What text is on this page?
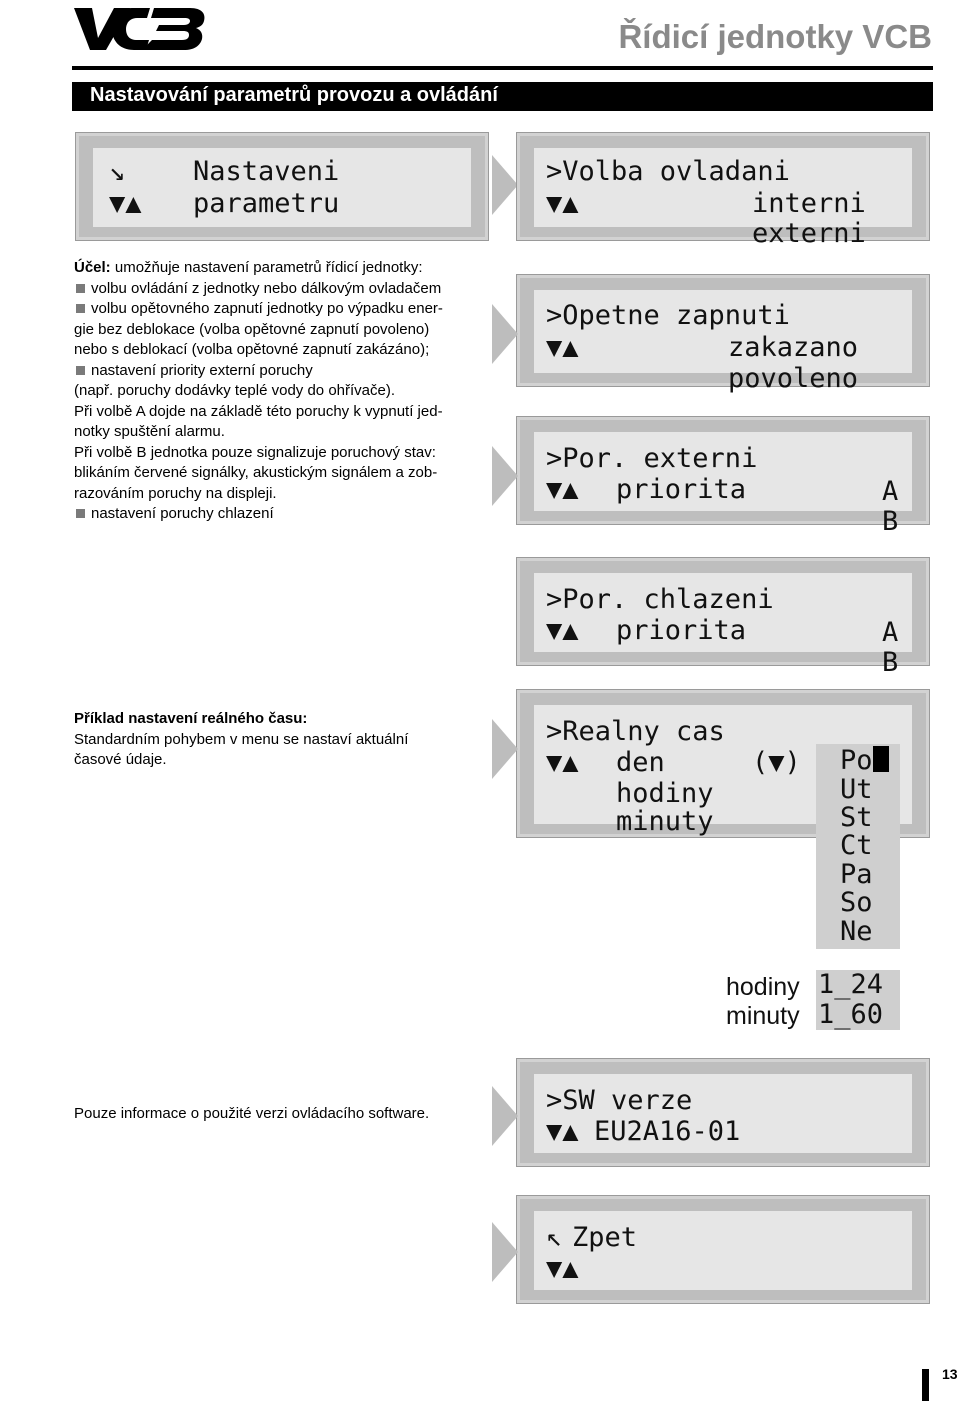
Řídicí jednotky VCB
Nastavování parametrů provozu a ovládání
Účel: umožňuje nastavení parametrů řídicí jednotky:
volbu ovládání z jednotky nebo dálkovým ovladačem
volbu opětovného zapnutí jednotky po výpadku ener-
gie bez deblokace (volba opětovné zapnutí povoleno)
nebo s deblokací (volba opětovné zapnutí zakázáno);
nastavení priority externí poruchy
(např. poruchy dodávky teplé vody do ohřívače).
Při volbě A dojde na základě této poruchy k vypnutí jed-
notky spuštění alarmu.
Při volbě B jednotka pouze signalizuje poruchový stav:
blikáním červené signálky, akustickým signálem a zob-
razováním poruchy na displeji.
nastavení poruchy chlazení
Příklad nastavení reálného času:
Standardním pohybem v menu se nastaví aktuální
časové údaje.
Pouze informace o použité verzi ovládacího software.
↘	Nastaveni
▼▲ parametru
>Volba ovladani
▼▲	interni
externi
>Opetne zapnuti
▼▲	zakazano
povoleno
>Por. externi
▼▲ priorita	A
B
>Por. chlazeni
▼▲ priorita	A
B
>Realny cas
▼▲ den	(▼)
hodiny
minuty
Po
Ut
St
Ct
Pa
So
Ne
hodiny 1_24
minuty 1_60
>SW verze
▼▲ EU2A16-01
↖ Zpet
▼▲
13
